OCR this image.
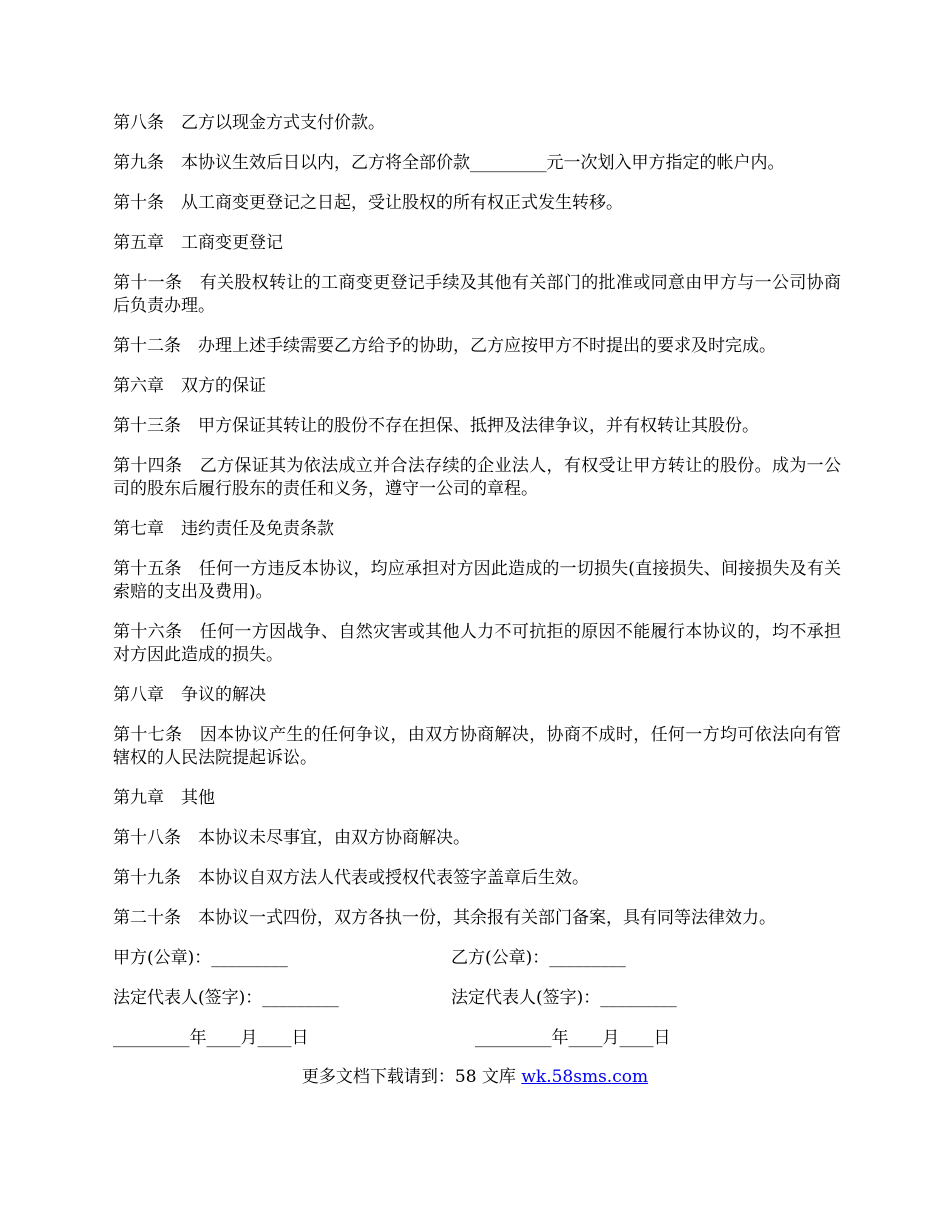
第八条　乙方以现金方式支付价款。

第九条　本协议生效后日以内，乙方将全部价款_________元一次划入甲方指定的帐户内。

第十条　从工商变更登记之日起，受让股权的所有权正式发生转移。

第五章　工商变更登记

第十一条　有关股权转让的工商变更登记手续及其他有关部门的批准或同意由甲方与一公司协商后负责办理。

第十二条　办理上述手续需要乙方给予的协助，乙方应按甲方不时提出的要求及时完成。

第六章　双方的保证

第十三条　甲方保证其转让的股份不存在担保、抵押及法律争议，并有权转让其股份。

第十四条　乙方保证其为依法成立并合法存续的企业法人，有权受让甲方转让的股份。成为一公司的股东后履行股东的责任和义务，遵守一公司的章程。

第七章　违约责任及免责条款

第十五条　任何一方违反本协议，均应承担对方因此造成的一切损失(直接损失、间接损失及有关索赔的支出及费用)。

第十六条　任何一方因战争、自然灾害或其他人力不可抗拒的原因不能履行本协议的，均不承担对方因此造成的损失。

第八章　争议的解决

第十七条　因本协议产生的任何争议，由双方协商解决，协商不成时，任何一方均可依法向有管辖权的人民法院提起诉讼。

第九章　其他

第十八条　本协议未尽事宜，由双方协商解决。

第十九条　本协议自双方法人代表或授权代表签字盖章后生效。

第二十条　本协议一式四份，双方各执一份，其余报有关部门备案，具有同等法律效力。

甲方(公章)：_________

	乙方(公章)：_________

法定代表人(签字)：_________

	法定代表人(签字)：_________

_________年____月____日

	_________年____月____日

更多文档下载请到：58 文库 wk.58sms.com
